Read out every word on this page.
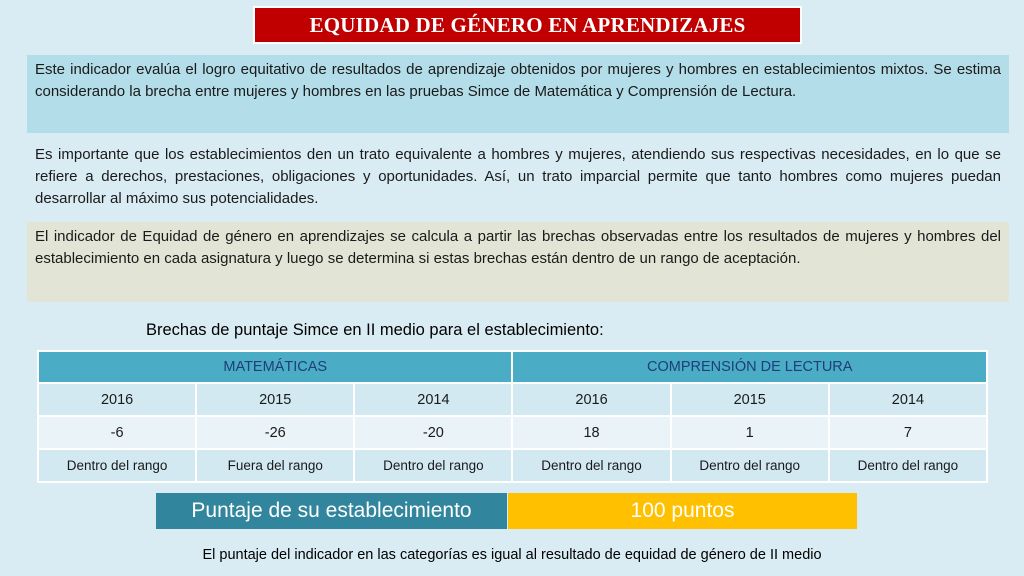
EQUIDAD DE GÉNERO EN APRENDIZAJES
Este indicador evalúa el logro equitativo de resultados de aprendizaje obtenidos por mujeres y hombres en establecimientos mixtos. Se estima considerando la brecha entre mujeres y hombres en las pruebas Simce de Matemática y Comprensión de Lectura.
Es importante que los establecimientos den un trato equivalente a hombres y mujeres, atendiendo sus respectivas necesidades, en lo que se refiere a derechos, prestaciones, obligaciones y oportunidades. Así, un trato imparcial permite que tanto hombres como mujeres puedan desarrollar al máximo sus potencialidades.
El indicador de Equidad de género en aprendizajes se calcula a partir las brechas observadas entre los resultados de mujeres y hombres del establecimiento en cada asignatura y luego se determina si estas brechas están dentro de un rango de aceptación.
Brechas de puntaje Simce en II medio para el establecimiento:
MATEMÁTICAS			COMPRENSIÓN DE LECTURA		
2016	2015	2014	2016	2015	2014
-6	-26	-20	18	1	7
Dentro del rango	Fuera del rango	Dentro del rango	Dentro del rango	Dentro del rango	Dentro del rango
Puntaje de su establecimiento	100 puntos
El puntaje del indicador en las categorías es igual al resultado de equidad de género de II medio
